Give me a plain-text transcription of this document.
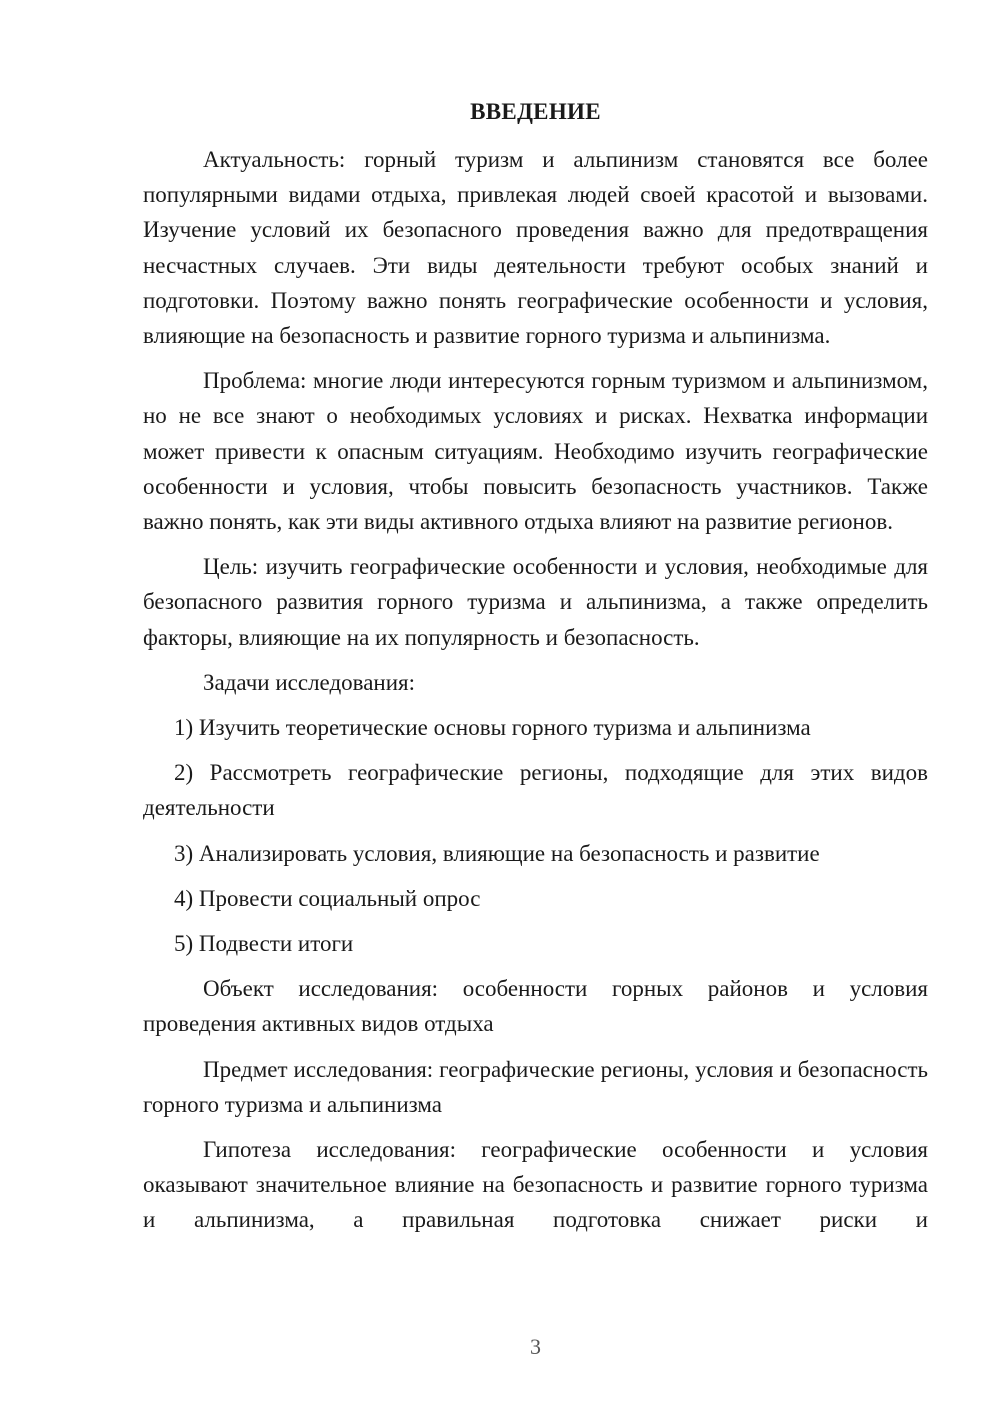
ВВЕДЕНИЕ

Актуальность: горный туризм и альпинизм становятся все более популярными видами отдыха, привлекая людей своей красотой и вызовами. Изучение условий их безопасного проведения важно для предотвращения несчастных случаев. Эти виды деятельности требуют особых знаний и подготовки. Поэтому важно понять географические особенности и условия, влияющие на безопасность и развитие горного туризма и альпинизма.

Проблема: многие люди интересуются горным туризмом и альпинизмом, но не все знают о необходимых условиях и рисках. Нехватка информации может привести к опасным ситуациям. Необходимо изучить географические особенности и условия, чтобы повысить безопасность участников. Также важно понять, как эти виды активного отдыха влияют на развитие регионов.

Цель: изучить географические особенности и условия, необходимые для безопасного развития горного туризма и альпинизма, а также определить факторы, влияющие на их популярность и безопасность.

Задачи исследования:

1) Изучить теоретические основы горного туризма и альпинизма

2) Рассмотреть географические регионы, подходящие для этих видов деятельности

3) Анализировать условия, влияющие на безопасность и развитие

4) Провести социальный опрос

5) Подвести итоги

Объект исследования: особенности горных районов и условия проведения активных видов отдыха

Предмет исследования: географические регионы, условия и безопасность горного туризма и альпинизма

Гипотеза исследования: географические особенности и условия оказывают значительное влияние на безопасность и развитие горного туризма и альпинизма, а правильная подготовка снижает риски и

3
